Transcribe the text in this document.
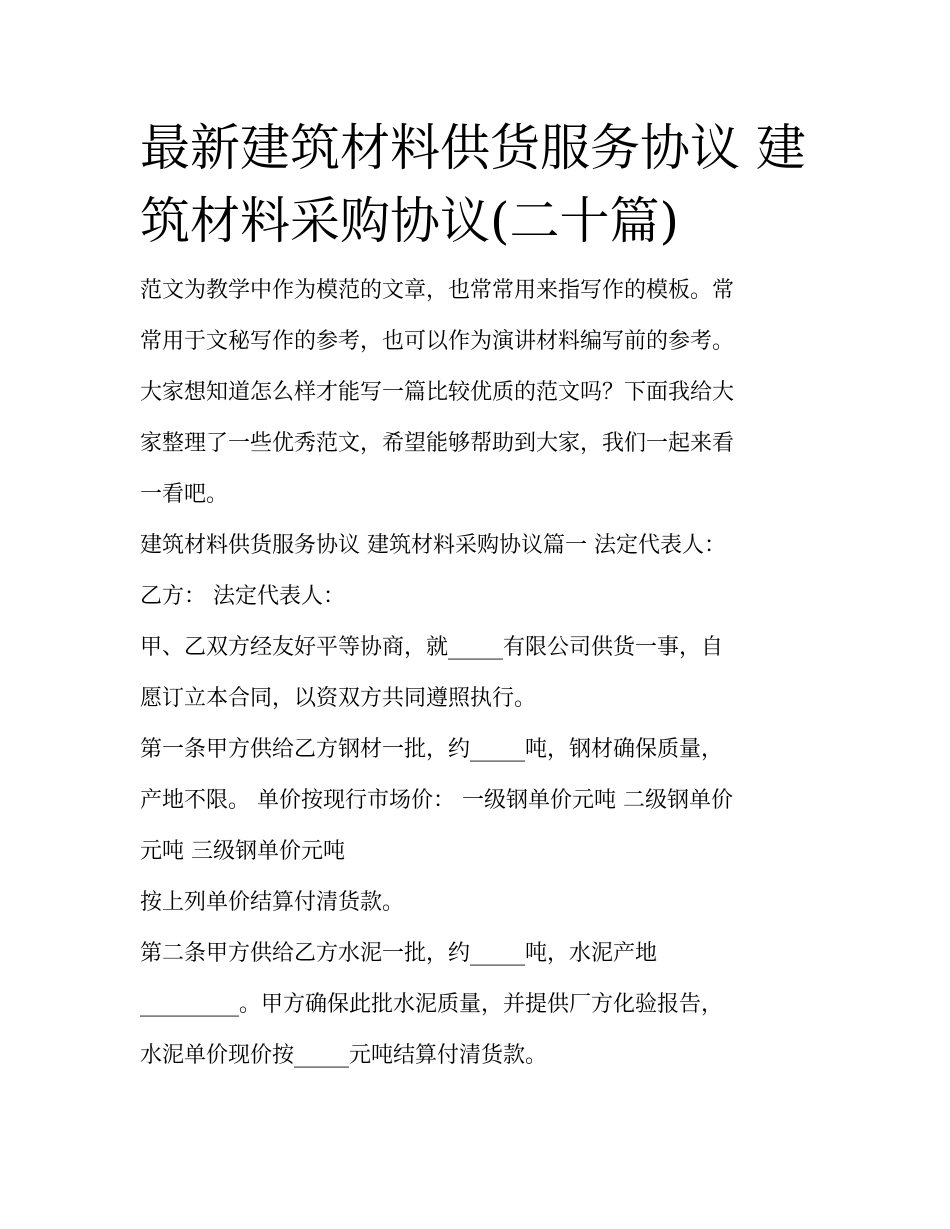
最新建筑材料供货服务协议 建
筑材料采购协议(二十篇)
范文为教学中作为模范的文章，也常常用来指写作的模板。常
常用于文秘写作的参考，也可以作为演讲材料编写前的参考。
大家想知道怎么样才能写一篇比较优质的范文吗？下面我给大
家整理了一些优秀范文，希望能够帮助到大家，我们一起来看
一看吧。
建筑材料供货服务协议 建筑材料采购协议篇一 法定代表人：
乙方： 法定代表人：
甲、乙双方经友好平等协商，就_____有限公司供货一事，自
愿订立本合同，以资双方共同遵照执行。
第一条甲方供给乙方钢材一批，约_____吨，钢材确保质量，
产地不限。 单价按现行市场价： 一级钢单价元吨 二级钢单价
元吨 三级钢单价元吨
按上列单价结算付清货款。
第二条甲方供给乙方水泥一批，约_____吨，水泥产地
_________。甲方确保此批水泥质量，并提供厂方化验报告，
水泥单价现价按_____元吨结算付清货款。
